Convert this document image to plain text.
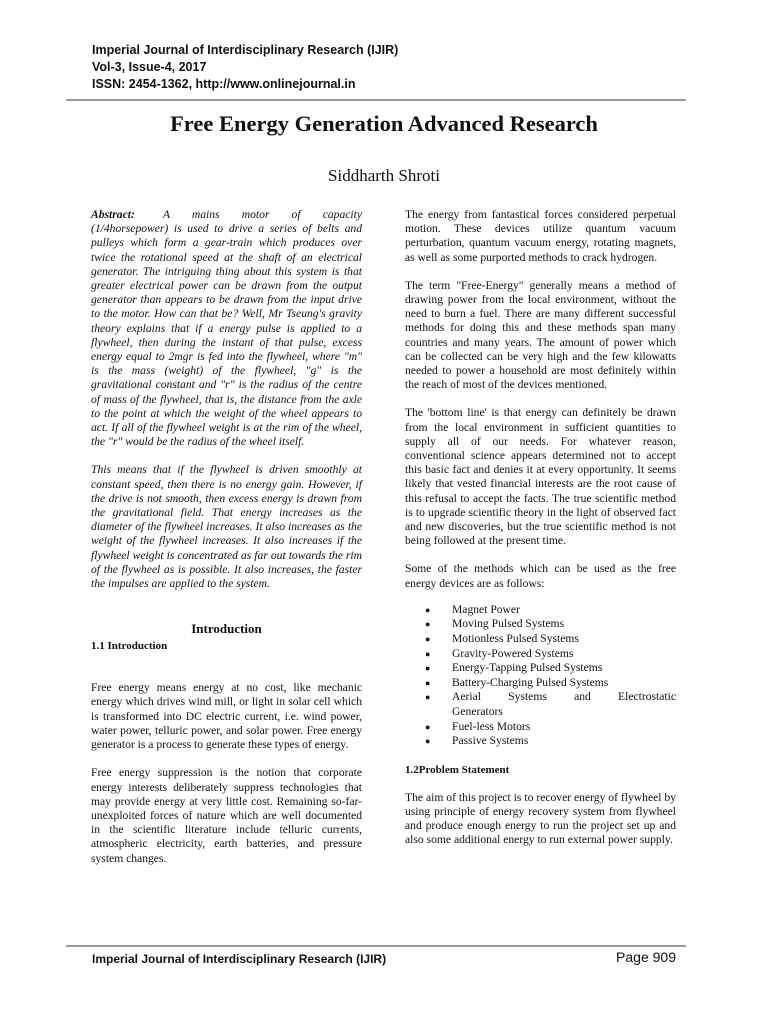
Imperial Journal of Interdisciplinary Research (IJIR)
Vol-3, Issue-4, 2017
ISSN: 2454-1362, http://www.onlinejournal.in
Free Energy Generation Advanced Research
Siddharth Shroti

Abstract: A mains motor of capacity (1/4horsepower) is used to drive a series of belts and pulleys which form a gear-train which produces over twice the rotational speed at the shaft of an electrical generator. The intriguing thing about this system is that greater electrical power can be drawn from the output generator than appears to be drawn from the input drive to the motor. How can that be? Well, Mr Tseung's gravity theory explains that if a energy pulse is applied to a flywheel, then during the instant of that pulse, excess energy equal to 2mgr is fed into the flywheel, where "m" is the mass (weight) of the flywheel, "g" is the gravitational constant and "r" is the radius of the centre of mass of the flywheel, that is, the distance from the axle to the point at which the weight of the wheel appears to act. If all of the flywheel weight is at the rim of the wheel, the "r" would be the radius of the wheel itself.

This means that if the flywheel is driven smoothly at constant speed, then there is no energy gain. However, if the drive is not smooth, then excess energy is drawn from the gravitational field. That energy increases as the diameter of the flywheel increases. It also increases as the weight of the flywheel increases. It also increases if the flywheel weight is concentrated as far out towards the rim of the flywheel as is possible. It also increases, the faster the impulses are applied to the system.

Introduction
1.1 Introduction

Free energy means energy at no cost, like mechanic energy which drives wind mill, or light in solar cell which is transformed into DC electric current, i.e. wind power, water power, telluric power, and solar power. Free energy generator is a process to generate these types of energy.

Free energy suppression is the notion that corporate energy interests deliberately suppress technologies that may provide energy at very little cost. Remaining so-far-unexploited forces of nature which are well documented in the scientific literature include telluric currents, atmospheric electricity, earth batteries, and pressure system changes.

The energy from fantastical forces considered perpetual motion. These devices utilize quantum vacuum perturbation, quantum vacuum energy, rotating magnets, as well as some purported methods to crack hydrogen.

The term "Free-Energy" generally means a method of drawing power from the local environment, without the need to burn a fuel. There are many different successful methods for doing this and these methods span many countries and many years. The amount of power which can be collected can be very high and the few kilowatts needed to power a household are most definitely within the reach of most of the devices mentioned.

The 'bottom line' is that energy can definitely be drawn from the local environment in sufficient quantities to supply all of our needs. For whatever reason, conventional science appears determined not to accept this basic fact and denies it at every opportunity. It seems likely that vested financial interests are the root cause of this refusal to accept the facts. The true scientific method is to upgrade scientific theory in the light of observed fact and new discoveries, but the true scientific method is not being followed at the present time.

Some of the methods which can be used as the free energy devices are as follows:

●	Magnet Power
●	Moving Pulsed Systems
●	Motionless Pulsed Systems
●	Gravity-Powered Systems
●	Energy-Tapping Pulsed Systems
●	Battery-Charging Pulsed Systems
●	Aerial Systems and Electrostatic
Generators
●	Fuel-less Motors
●	Passive Systems
1.2Problem Statement

The aim of this project is to recover energy of flywheel by using principle of energy recovery system from flywheel and produce enough energy to run the project set up and also some additional energy to run external power supply.

Imperial Journal of Interdisciplinary Research (IJIR)	Page 909
